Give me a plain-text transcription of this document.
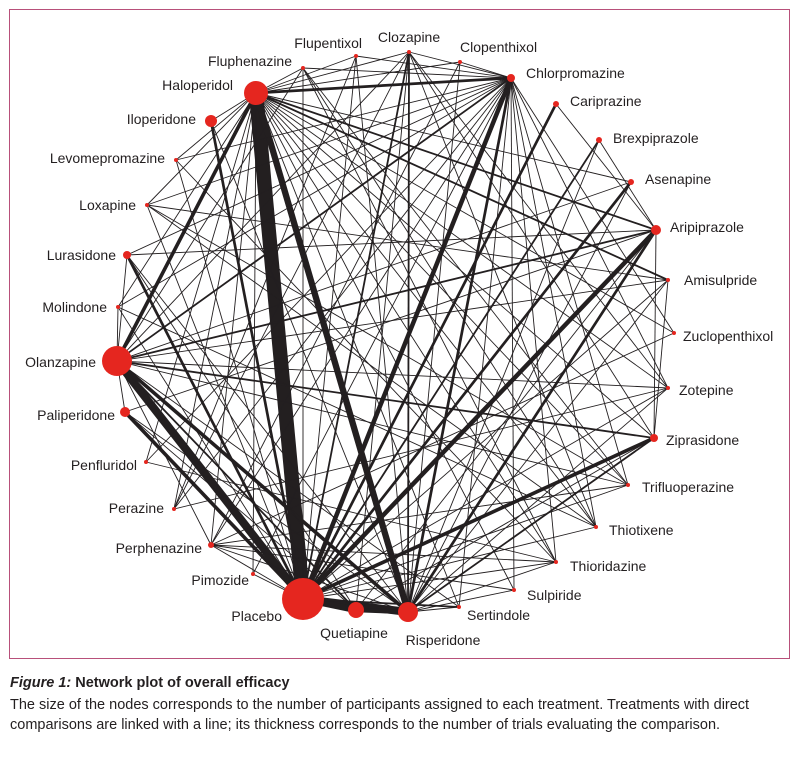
Clozapine
Clopenthixol
Chlorpromazine
Cariprazine
Brexpiprazole
Asenapine
Aripiprazole
Amisulpride
Zuclopenthixol
Zotepine
Ziprasidone
Trifluoperazine
Thiotixene
Thioridazine
Sulpiride
Sertindole
Risperidone
Quetiapine
Placebo
Pimozide
Perphenazine
Perazine
Penfluridol
Paliperidone
Olanzapine
Molindone
Lurasidone
Loxapine
Levomepromazine
Iloperidone
Haloperidol
Fluphenazine
Flupentixol

Figure 1: Network plot of overall efficacy

The size of the nodes corresponds to the number of participants assigned to each treatment. Treatments with direct comparisons are linked with a line; its thickness corresponds to the number of trials evaluating the comparison.
